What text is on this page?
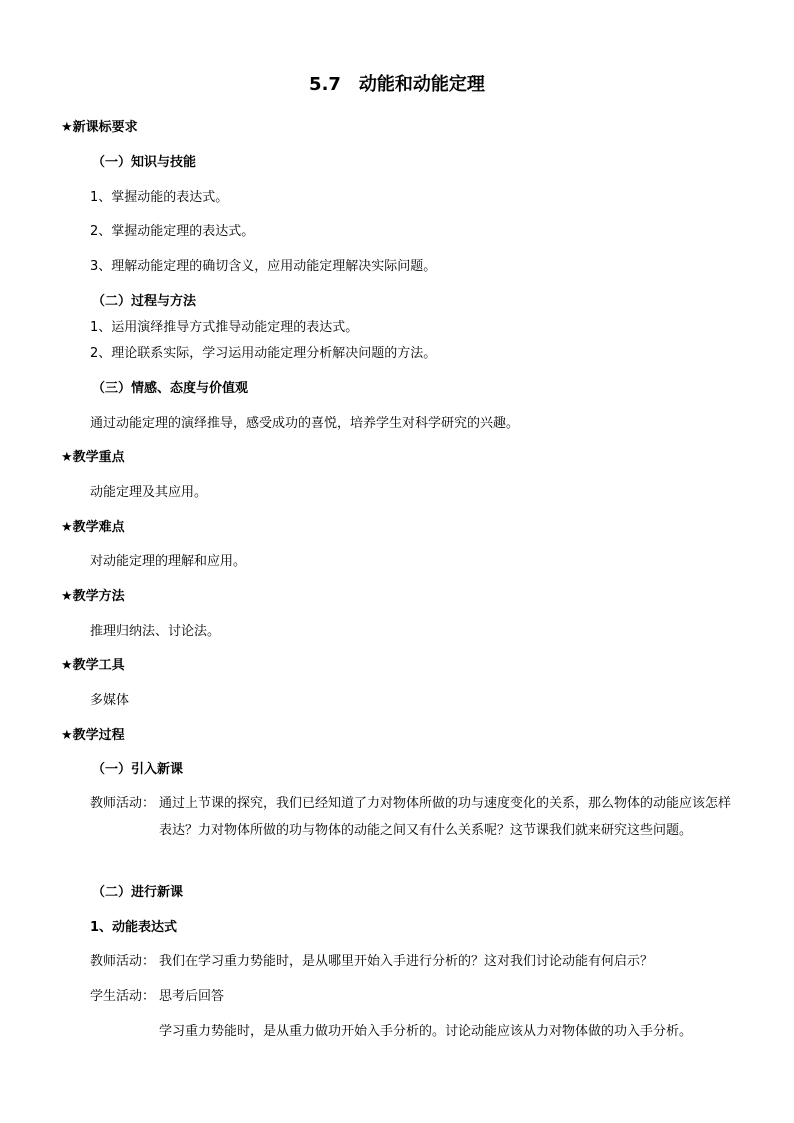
5.7　动能和动能定理
★新课标要求
（一）知识与技能
1、掌握动能的表达式。
2、掌握动能定理的表达式。
3、理解动能定理的确切含义，应用动能定理解决实际问题。
（二）过程与方法
1、运用演绎推导方式推导动能定理的表达式。
2、理论联系实际，学习运用动能定理分析解决问题的方法。
（三）情感、态度与价值观
通过动能定理的演绎推导，感受成功的喜悦，培养学生对科学研究的兴趣。
★教学重点
动能定理及其应用。
★教学难点
对动能定理的理解和应用。
★教学方法
推理归纳法、讨论法。
★教学工具
多媒体
★教学过程
（一）引入新课
教师活动： 通过上节课的探究，我们已经知道了力对物体所做的功与速度变化的关系，那么物体的动能应该怎样表达？力对物体所做的功与物体的动能之间又有什么关系呢？这节课我们就来研究这些问题。
（二）进行新课
1、动能表达式
教师活动： 我们在学习重力势能时，是从哪里开始入手进行分析的？这对我们讨论动能有何启示？
学生活动： 思考后回答
学习重力势能时，是从重力做功开始入手分析的。讨论动能应该从力对物体做的功入手分析。
